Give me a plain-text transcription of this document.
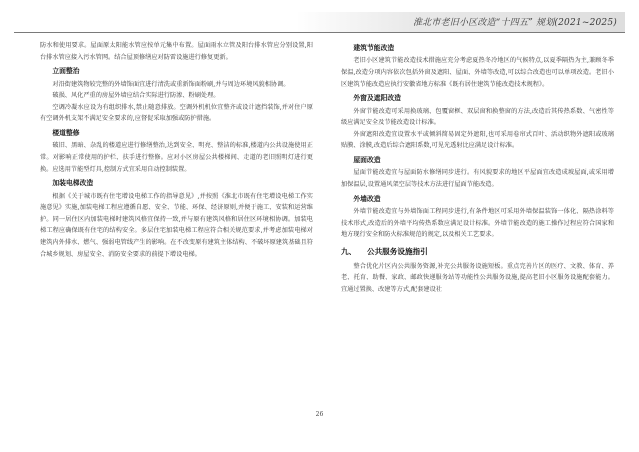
淮北市老旧小区改造“十四五” 规划(2021~2025)
防水和使用要求。屋面原太阳能水管应按单元集中布置。屋面雨水立管及阳台排水管应分别设置,阳台排水管应接入污水管网。结合屋顶修缮应对防雷设施进行修复更新。
立面整治
对沿街建筑物较完整的外墙饰面宜进行清洗或重新饰面粉刷,并与周边环境风貌相协调。
破损、风化严重的房屋外墙应结合实际进行防渗、粉刷处理。
空调冷凝水应设为有组织排水,禁止随意排放。空调外机机位宜整齐或设计遮挡装饰,并对住户原有空调外机支架不满足安全要求的,应督促采取加强或防护措施。
楼道整修
破旧、黑暗、杂乱的楼道应进行修缮整治,达到安全、明亮、整洁的标准,楼道内公共设施使用正常。对影响正常使用的护栏、扶手进行整修。应对小区房屋公共楼梯间、走道的老旧照明灯进行更换。应选用节能型灯具,控制方式宜采用自动控制装置。
加装电梯改造
根据《关于城市既有住宅增设电梯工作的指导意见》,并按照《淮北市既有住宅增设电梯工作实施意见》实施,加装电梯工程应遵循自愿、安全、节能、环保、经济原则,并便于施工、安装和运营维护。同一居住区内加装电梯时建筑风格宜保持一致,并与原有建筑风格和居住区环境相协调。加装电梯工程应确保既有住宅的结构安全。多层住宅加装电梯工程应符合相关规范要求,并考虑加装电梯对建筑内外排水、燃气、强弱电管线产生的影响。在不改变原有建筑主体结构、不破坏原建筑基础且符合城乡规划、房屋安全、消防安全要求的前提下增设电梯。
建筑节能改造
老旧小区建筑节能改造技术措施应充分考虑夏热冬冷地区的气候特点,以夏季隔热为主,兼顾冬季保温,改造分项内容依次包括外窗及遮阳、屋面、外墙等改造,可以综合改造也可以单项改造。老旧小区建筑节能改造应执行安徽省地方标准《既有居住建筑节能改造技术规程》。
外窗及遮阳改造
外窗节能改造可采用换玻璃、包覆窗框、双层窗和换整窗的方法,改造后其传热系数、气密性等级应满足安全及节能改造设计标准。
外窗遮阳改造宜设置水平或倾斜简易固定外遮阳,也可采用卷帘式百叶、活动织物外遮阳或玻璃贴膜、涂膜,改造后综合遮阳系数,可见光透射比应满足设计标准。
屋面改造
屋面节能改造宜与屋面防水修缮同步进行。有风貌要求的地区平屋面宜改造成坡屋面,或采用增加保温层,设置通风架空层等技术方法进行屋面节能改造。
外墙改造
外墙节能改造宜与外墙饰面工程同步进行,有条件地区可采用外墙保温装饰一体化、隔热涂料等技术形式,改造后的外墙平均传热系数应满足设计标准。外墙节能改造的施工操作过程应符合国家和地方现行安全和防火标准规范的规定,以及相关工艺要求。
九、 公共服务设施指引
整合优化片区内公共服务资源,补充公共服务设施短板。重点完善片区的医疗、文教、体育、养老、托育、助餐、家政、邮政快递服务站等功能性公共服务设施,提高老旧小区服务设施配套能力。宜通过置换、改建等方式,配套建设社
26
